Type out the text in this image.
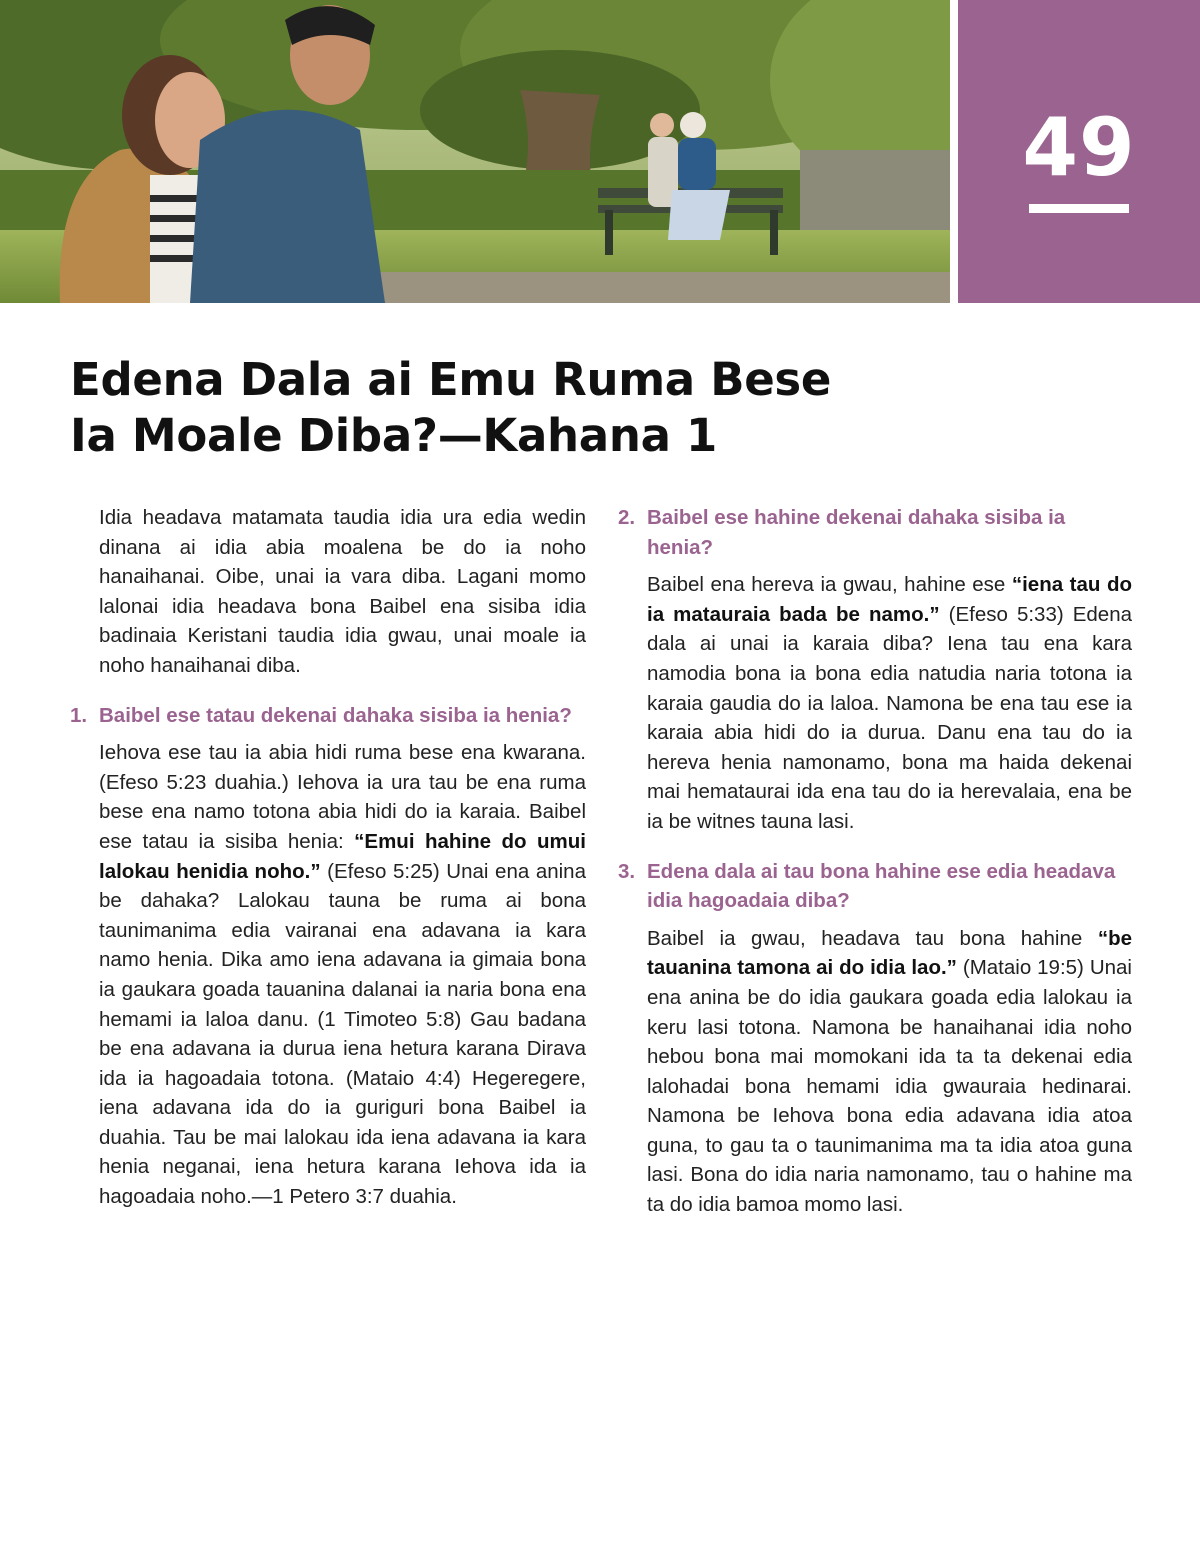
49
Edena Dala ai Emu Ruma Bese
Ia Moale Diba?—Kahana 1

Idia headava matamata taudia idia ura edia wedin dinana ai idia abia moalena be do ia noho hanaihanai. Oibe, unai ia vara diba. Lagani momo lalonai idia headava bona Baibel ena sisiba idia badinaia Keristani taudia idia gwau, unai moale ia noho hanaihanai diba.

1. Baibel ese tatau dekenai dahaka sisiba ia henia?

Iehova ese tau ia abia hidi ruma bese ena kwarana. (Efeso 5:23 duahia.) Iehova ia ura tau be ena ruma bese ena namo totona abia hidi do ia karaia. Baibel ese tatau ia sisiba henia: “Emui hahine do umui lalokau henidia noho.” (Efeso 5:25) Unai ena anina be dahaka? Lalokau tauna be ruma ai bona taunimanima edia vairanai ena adavana ia kara namo henia. Dika amo iena adavana ia gimaia bona ia gaukara goada tauanina dalanai ia naria bona ena hemami ia laloa danu. (1 Timoteo 5:8) Gau badana be ena adavana ia durua iena hetura karana Dirava ida ia hagoadaia totona. (Mataio 4:4) Hegeregere, iena adavana ida do ia guriguri bona Baibel ia duahia. Tau be mai lalokau ida iena adavana ia kara henia neganai, iena hetura karana Iehova ida ia hagoadaia noho.—1 Petero 3:7 duahia.

2. Baibel ese hahine dekenai dahaka sisiba ia henia?

Baibel ena hereva ia gwau, hahine ese “iena tau do ia matauraia bada be namo.” (Efeso 5:33) Edena dala ai unai ia karaia diba? Iena tau ena kara namodia bona ia bona edia natudia naria totona ia karaia gaudia do ia laloa. Namona be ena tau ese ia karaia abia hidi do ia durua. Danu ena tau do ia hereva henia namonamo, bona ma haida dekenai mai hemataurai ida ena tau do ia herevalaia, ena be ia be witnes tauna lasi.

3. Edena dala ai tau bona hahine ese edia headava idia hagoadaia diba?

Baibel ia gwau, headava tau bona hahine “be tauanina tamona ai do idia lao.” (Mataio 19:5) Unai ena anina be do idia gaukara goada edia lalokau ia keru lasi totona. Namona be hanaihanai idia noho hebou bona mai momokani ida ta ta dekenai edia lalohadai bona hemami idia gwauraia hedinarai. Namona be Iehova bona edia adavana idia atoa guna, to gau ta o taunimanima ma ta idia atoa guna lasi. Bona do idia naria namonamo, tau o hahine ma ta do idia bamoa momo lasi.
